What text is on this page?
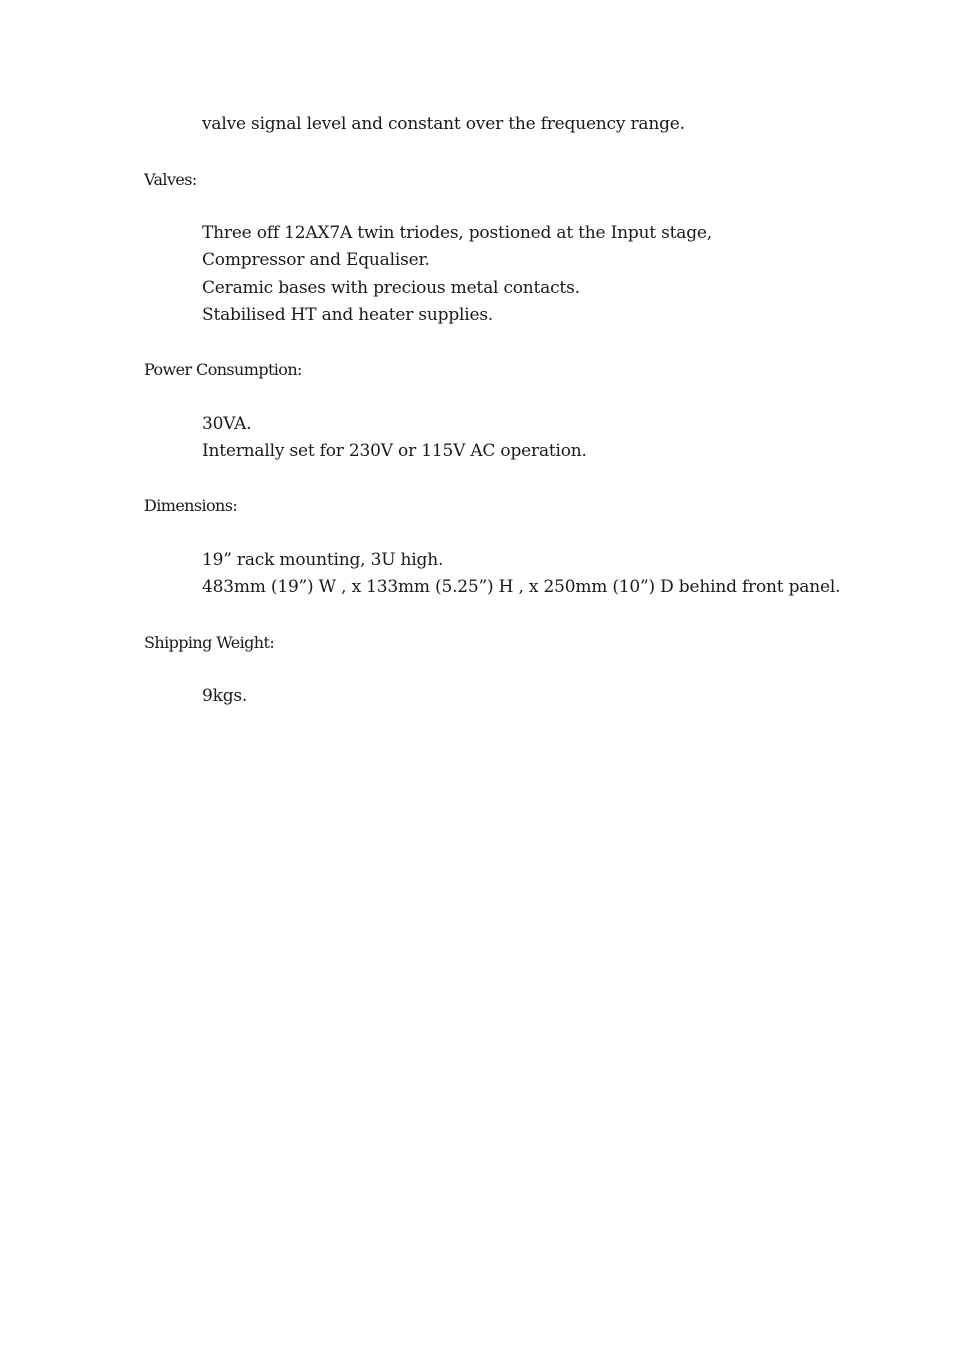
valve signal level and constant over the frequency range.
Valves:
Three off 12AX7A twin triodes, postioned at the Input stage,
Compressor and Equaliser.
Ceramic bases with precious metal contacts.
Stabilised HT and heater supplies.
Power Consumption:
30VA.
Internally set for 230V or 115V AC operation.
Dimensions:
19” rack mounting, 3U high.
483mm (19”) W , x 133mm (5.25”) H , x 250mm (10”) D behind front panel.
Shipping Weight:
9kgs.
